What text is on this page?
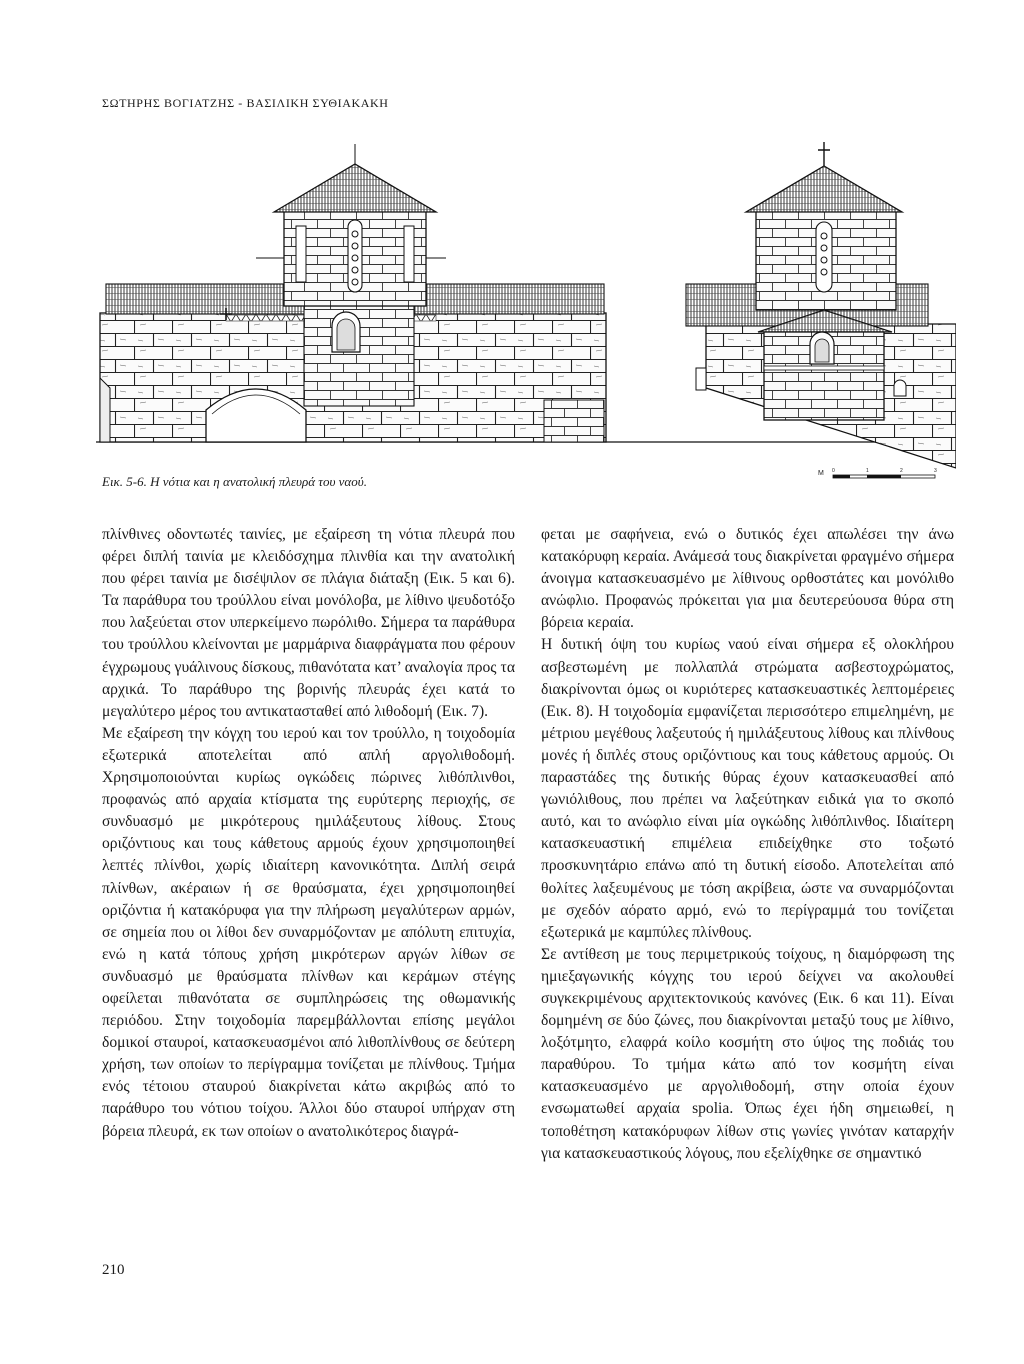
ΣΩΤΗΡΗΣ ΒΟΓΙΑΤΖΗΣ - ΒΑΣΙΛΙΚΗ ΣΥΘΙΑΚΑΚΗ
Εικ. 5-6. Η νότια και η ανατολική πλευρά του ναού.
M 0	1	2	3

πλίνθινες οδοντωτές ταινίες, με εξαίρεση τη νότια πλευρά που φέρει διπλή ταινία με κλειδόσχημα πλινθία και την ανατολική που φέρει ταινία με δισέψιλον σε πλάγια διάταξη (Εικ. 5 και 6). Τα παράθυρα του τρούλλου είναι μονόλοβα, με λίθινο ψευδοτόξο που λαξεύεται στον υπερκείμενο πωρόλιθο. Σήμερα τα παράθυρα του τρούλλου κλείνονται με μαρμάρινα διαφράγματα που φέρουν έγχρωμους γυάλινους δίσκους, πιθανότατα κατ’ αναλογία προς τα αρχικά. Το παράθυρο της βορινής πλευράς έχει κατά το μεγαλύτερο μέρος του αντικατασταθεί από λιθοδομή (Εικ. 7).

Με εξαίρεση την κόγχη του ιερού και τον τρούλλο, η τοιχοδομία εξωτερικά αποτελείται από απλή αργολιθοδομή. Χρησιμοποιούνται κυρίως ογκώδεις πώρινες λιθόπλινθοι, προφανώς από αρχαία κτίσματα της ευρύτερης περιοχής, σε συνδυασμό με μικρότερους ημιλάξευτους λίθους. Στους οριζόντιους και τους κάθετους αρμούς έχουν χρησιμοποιηθεί λεπτές πλίνθοι, χωρίς ιδιαίτερη κανονικότητα. Διπλή σειρά πλίνθων, ακέραιων ή σε θραύσματα, έχει χρησιμοποιηθεί οριζόντια ή κατακόρυφα για την πλήρωση μεγαλύτερων αρμών, σε σημεία που οι λίθοι δεν συναρμόζονταν με απόλυτη επιτυχία, ενώ η κατά τόπους χρήση μικρότερων αργών λίθων σε συνδυασμό με θραύσματα πλίνθων και κεράμων στέγης οφείλεται πιθανότατα σε συμπληρώσεις της οθωμανικής περιόδου. Στην τοιχοδομία παρεμβάλλονται επίσης μεγάλοι δομικοί σταυροί, κατασκευασμένοι από λιθοπλίνθους σε δεύτερη χρήση, των οποίων το περίγραμμα τονίζεται με πλίνθους. Τμήμα ενός τέτοιου σταυρού διακρίνεται κάτω ακριβώς από το παράθυρο του νότιου τοίχου. Άλλοι δύο σταυροί υπήρχαν στη βόρεια πλευρά, εκ των οποίων ο ανατολικότερος διαγρά-

φεται με σαφήνεια, ενώ ο δυτικός έχει απωλέσει την άνω κατακόρυφη κεραία. Ανάμεσά τους διακρίνεται φραγμένο σήμερα άνοιγμα κατασκευασμένο με λίθινους ορθοστάτες και μονόλιθο ανώφλιο. Προφανώς πρόκειται για μια δευτερεύουσα θύρα στη βόρεια κεραία.

Η δυτική όψη του κυρίως ναού είναι σήμερα εξ ολοκλήρου ασβεστωμένη με πολλαπλά στρώματα ασβεστοχρώματος, διακρίνονται όμως οι κυριότερες κατασκευαστικές λεπτομέρειες (Εικ. 8). Η τοιχοδομία εμφανίζεται περισσότερο επιμελημένη, με μέτριου μεγέθους λαξευτούς ή ημιλάξευτους λίθους και πλίνθους μονές ή διπλές στους οριζόντιους και τους κάθετους αρμούς. Οι παραστάδες της δυτικής θύρας έχουν κατασκευασθεί από γωνιόλιθους, που πρέπει να λαξεύτηκαν ειδικά για το σκοπό αυτό, και το ανώφλιο είναι μία ογκώδης λιθόπλινθος. Ιδιαίτερη κατασκευαστική επιμέλεια επιδείχθηκε στο τοξωτό προσκυνητάριο επάνω από τη δυτική είσοδο. Αποτελείται από θολίτες λαξευμένους με τόση ακρίβεια, ώστε να συναρμόζονται με σχεδόν αόρατο αρμό, ενώ το περίγραμμά του τονίζεται εξωτερικά με καμπύλες πλίνθους.

Σε αντίθεση με τους περιμετρικούς τοίχους, η διαμόρφωση της ημιεξαγωνικής κόγχης του ιερού δείχνει να ακολουθεί συγκεκριμένους αρχιτεκτονικούς κανόνες (Εικ. 6 και 11). Είναι δομημένη σε δύο ζώνες, που διακρίνονται μεταξύ τους με λίθινο, λοξότμητο, ελαφρά κοίλο κοσμήτη στο ύψος της ποδιάς του παραθύρου. Το τμήμα κάτω από τον κοσμήτη είναι κατασκευασμένο με αργολιθοδομή, στην οποία έχουν ενσωματωθεί αρχαία spolia. Όπως έχει ήδη σημειωθεί, η τοποθέτηση κατακόρυφων λίθων στις γωνίες γινόταν καταρχήν για κατασκευαστικούς λόγους, που εξελίχθηκε σε σημαντικό

210
